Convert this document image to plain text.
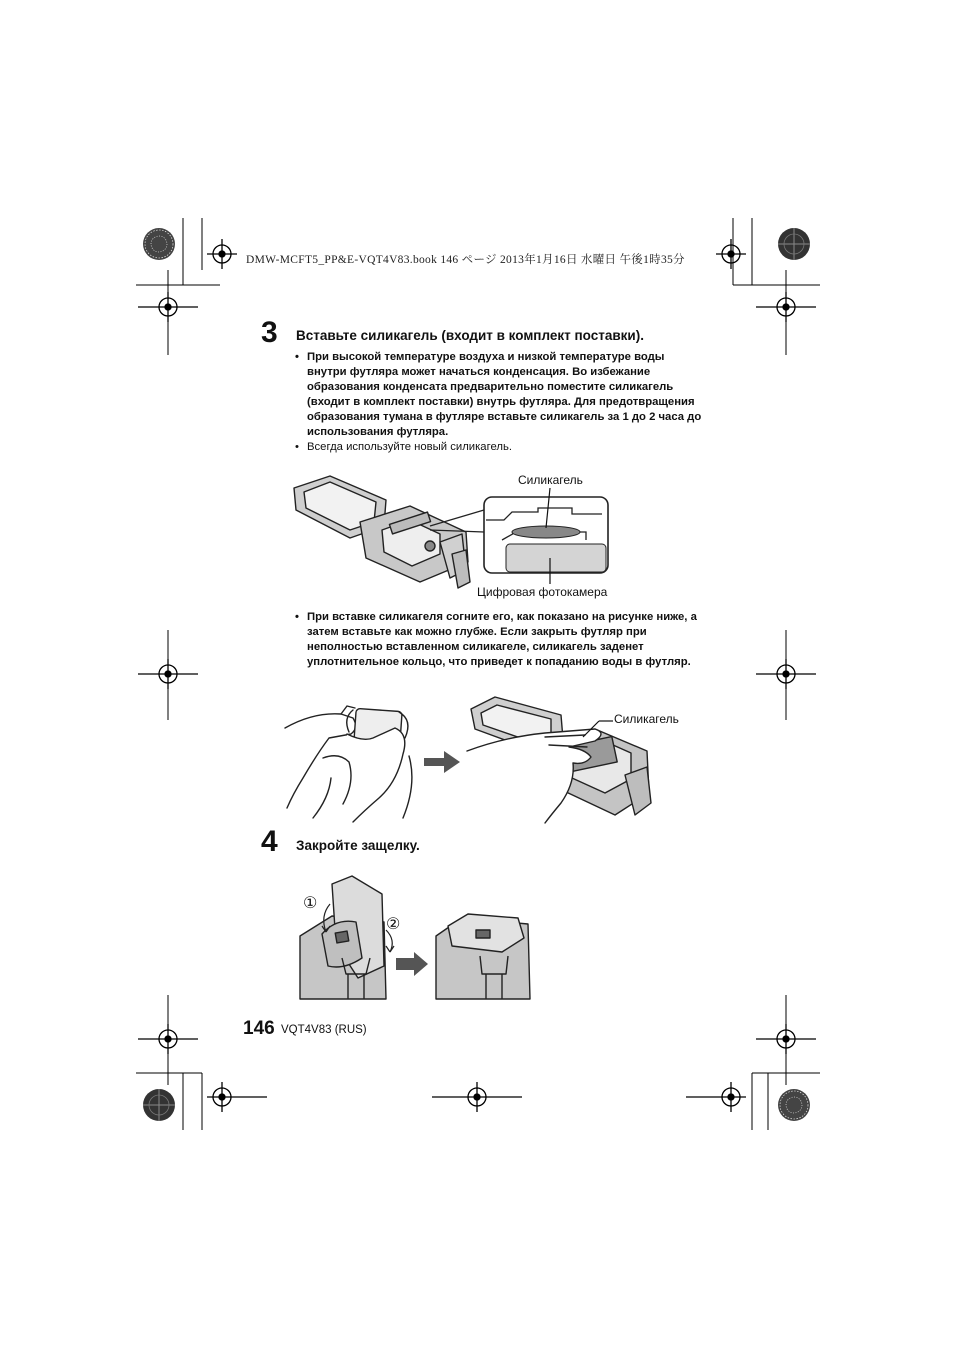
DMW-MCFT5_PP&E-VQT4V83.book 146 ページ 2013年1月16日 水曜日 午後1時35分
3 Вставьте силикагель (входит в комплект поставки).
• При высокой температуре воздуха и низкой температуре воды внутри футляра может начаться конденсация. Во избежание образования конденсата предварительно поместите силикагель (входит в комплект поставки) внутрь футляра. Для предотвращения образования тумана в футляре вставьте силикагель за 1 до 2 часа до использования футляра.
• Всегда используйте новый силикагель.
Силикагель
Цифровая фотокамера
• При вставке силикагеля согните его, как показано на рисунке ниже, а затем вставьте как можно глубже. Если закрыть футляр при неполностью вставленном силикагеле, силикагель заденет уплотнительное кольцо, что приведет к попаданию воды в футляр.
Силикагель
4 Закройте защелку.
①
②
146 VQT4V83 (RUS)
